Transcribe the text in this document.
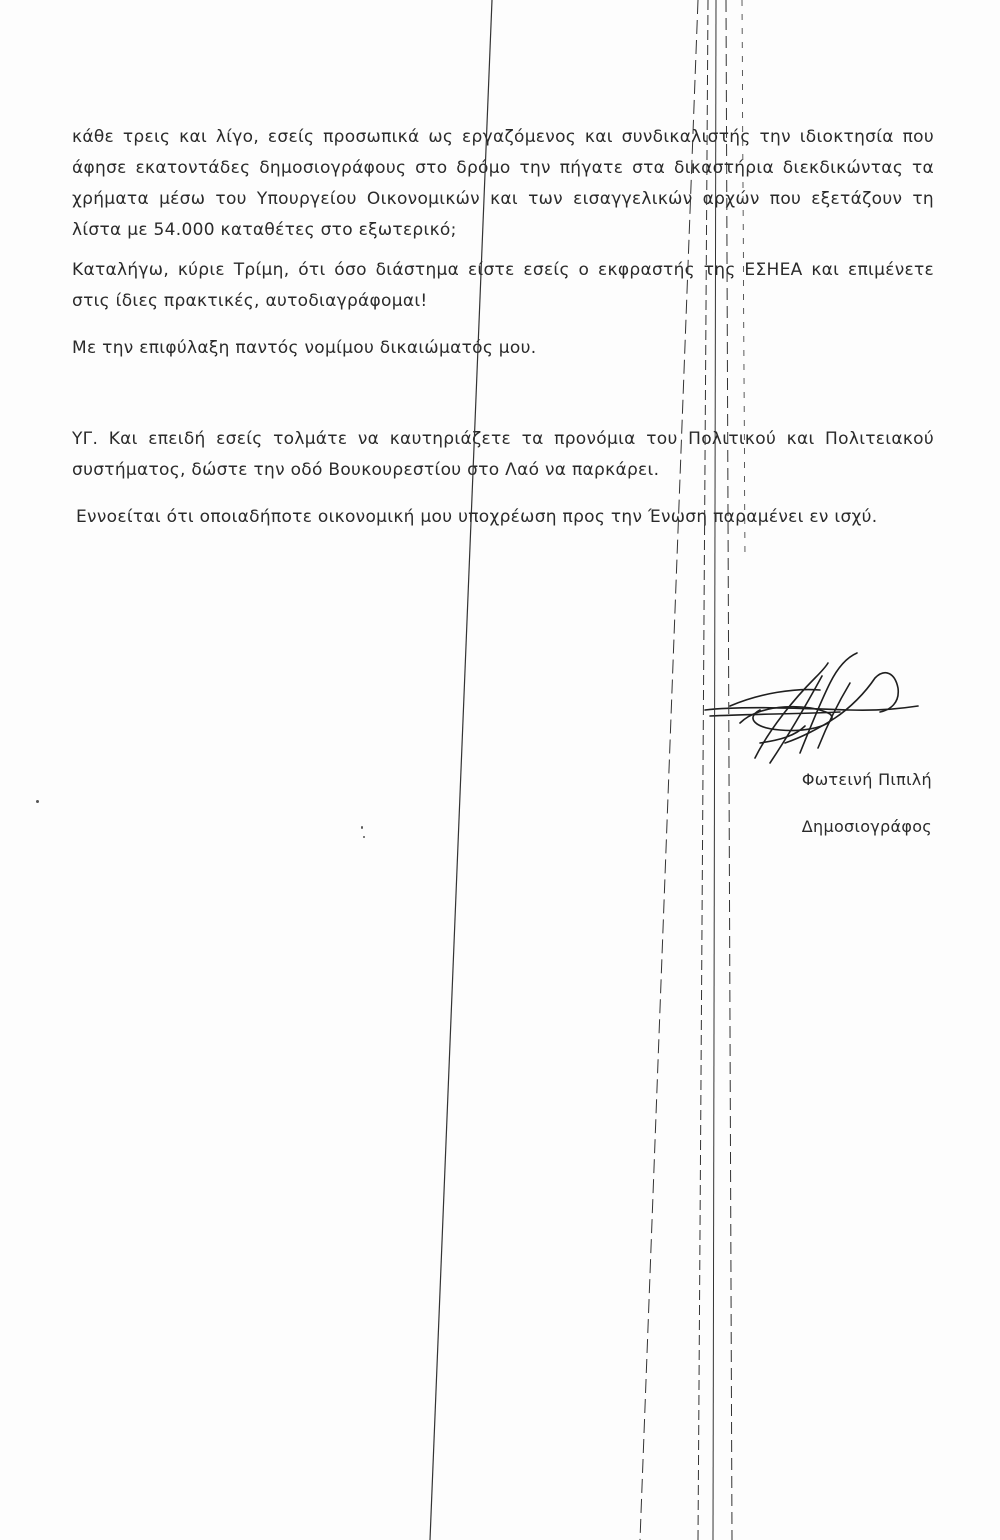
κάθε τρεις και λίγο, εσείς προσωπικά ως εργαζόμενος και συνδικαλιστής την ιδιοκτησία που άφησε εκατοντάδες δημοσιογράφους στο δρόμο την πήγατε στα δικαστήρια διεκδικώντας τα χρήματα μέσω του Υπουργείου Οικονομικών και των εισαγγελικών αρχών που εξετάζουν τη λίστα με 54.000 καταθέτες στο εξωτερικό;

Καταλήγω, κύριε Τρίμη, ότι όσο διάστημα είστε εσείς ο εκφραστής της ΕΣΗΕΑ και επιμένετε στις ίδιες πρακτικές, αυτοδιαγράφομαι!

Με την επιφύλαξη παντός νομίμου δικαιώματός μου.

ΥΓ. Και επειδή εσείς τολμάτε να καυτηριάζετε τα προνόμια του Πολιτικού και Πολιτειακού συστήματος, δώστε την οδό Βουκουρεστίου στο Λαό να παρκάρει.

Εννοείται ότι οποιαδήποτε οικονομική μου υποχρέωση προς την Ένωση παραμένει εν ισχύ.

Φωτεινή Πιπιλή
Δημοσιογράφος
